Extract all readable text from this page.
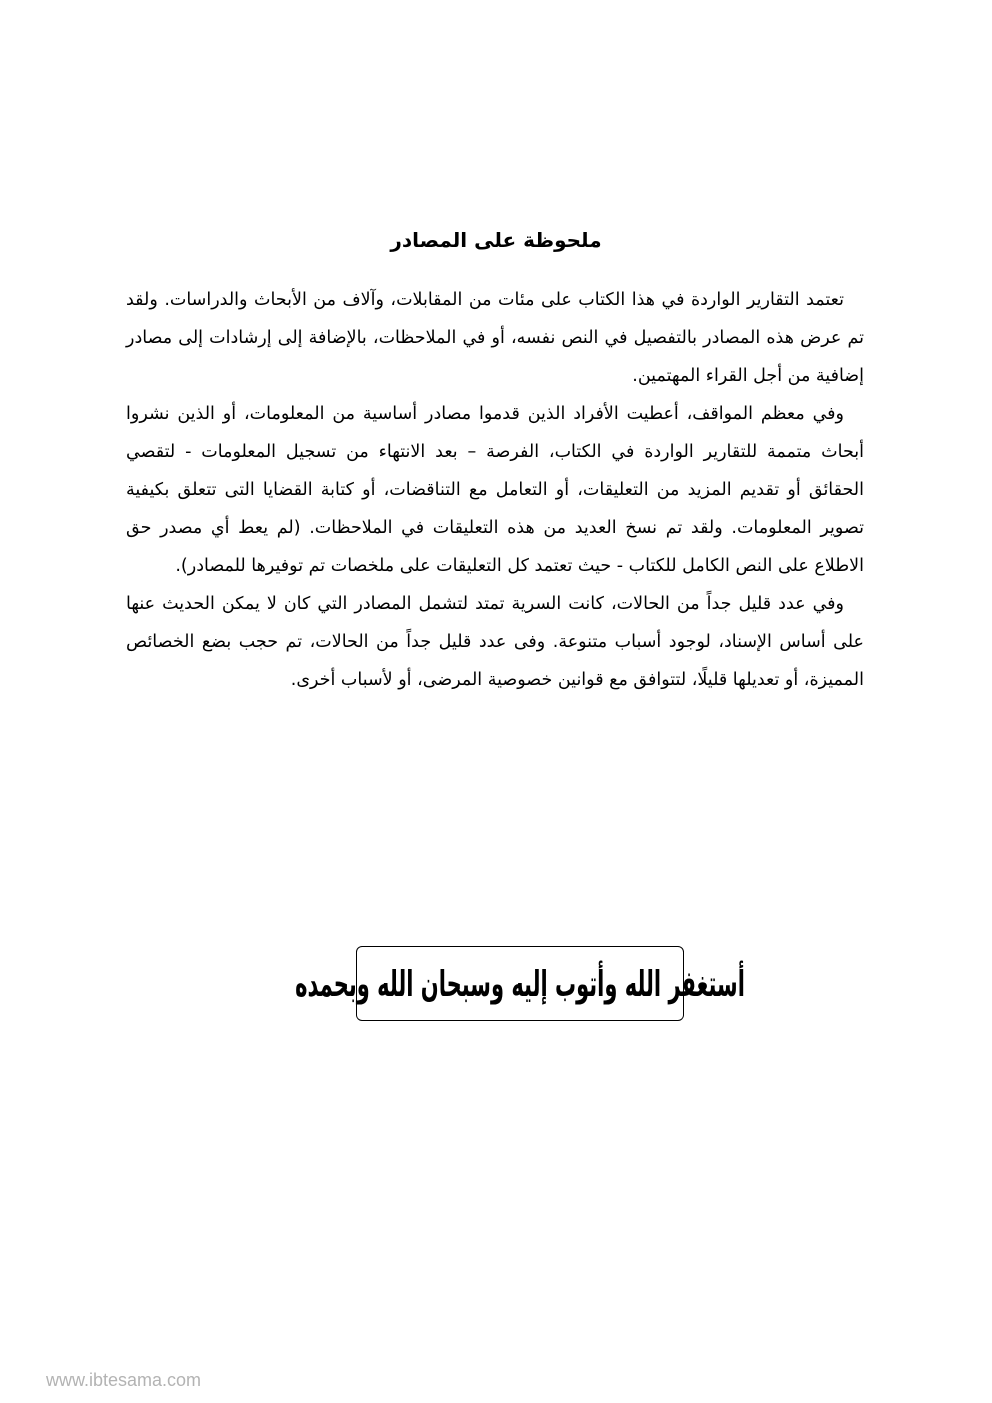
ملحوظة على المصادر

تعتمد التقارير الواردة في هذا الكتاب على مئات من المقابلات، وآلاف من الأبحاث والدراسات. ولقد تم عرض هذه المصادر بالتفصيل في النص نفسه، أو في الملاحظات، بالإضافة إلى إرشادات إلى مصادر إضافية من أجل القراء المهتمين.

وفي معظم المواقف، أعطيت الأفراد الذين قدموا مصادر أساسية من المعلومات، أو الذين نشروا أبحاث متممة للتقارير الواردة في الكتاب، الفرصة – بعد الانتهاء من تسجيل المعلومات - لتقصي الحقائق أو تقديم المزيد من التعليقات، أو التعامل مع التناقضات، أو كتابة القضايا التى تتعلق بكيفية تصوير المعلومات. ولقد تم نسخ العديد من هذه التعليقات في الملاحظات. (لم يعط أي مصدر حق الاطلاع على النص الكامل للكتاب - حيث تعتمد كل التعليقات على ملخصات تم توفيرها للمصادر).

وفي عدد قليل جداً من الحالات، كانت السرية تمتد لتشمل المصادر التي كان لا يمكن الحديث عنها على أساس الإسناد، لوجود أسباب متنوعة. وفى عدد قليل جداً من الحالات، تم حجب بضع الخصائص المميزة، أو تعديلها قليلًا، لتتوافق مع قوانين خصوصية المرضى، أو لأسباب أخرى.

أستغفر الله وأتوب إليه وسبحان الله وبحمده
www.ibtesama.com
